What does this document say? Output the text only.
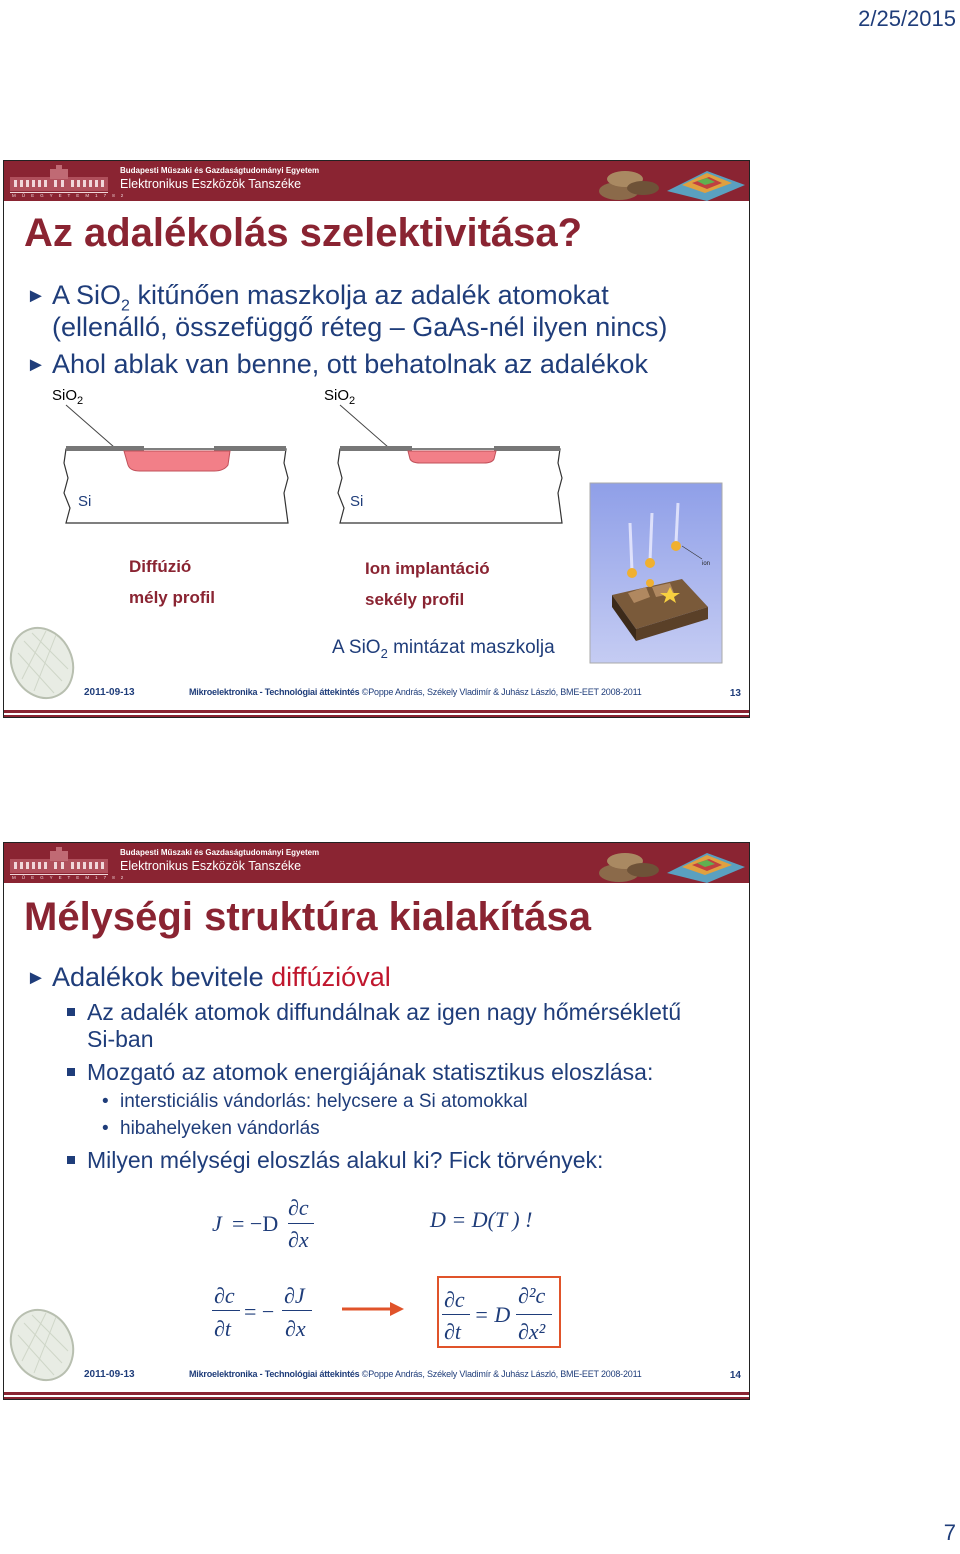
2/25/2015
M Ű E G Y E T E M 1 7 8 2
Budapesti Műszaki és Gazdaságtudományi Egyetem
Elektronikus Eszközök Tanszéke
Az adalékolás szelektivitása?
► A SiO$_2$ kitűnően maszkolja az adalék atomokat
(ellenálló, összefüggő réteg – GaAs-nél ilyen nincs)
► Ahol ablak van benne, ott behatolnak az adalékok
SiO$_2$	SiO$_2$
Si	Si
Diffúzió
mély profil
Ion implantáció
sekély profil
A SiO$_2$ mintázat maszkolja
ion
2011-09-13	Mikroelektronika - Technológiai áttekintés ©Poppe András, Székely Vladimír & Juhász László, BME-EET 2008-2011	13
M Ű E G Y E T E M 1 7 8 2
Budapesti Műszaki és Gazdaságtudományi Egyetem
Elektronikus Eszközök Tanszéke
Mélységi struktúra kialakítása
► Adalékok bevitele diffúzióval
Az adalék atomok diffundálnak az igen nagy hőmérsékletű
Si-ban
Mozgató az atomok energiájának statisztikus eloszlása:
• intersticiális vándorlás: helycsere a Si atomokkal
• hibahelyeken vándorlás
Milyen mélységi eloszlás alakul ki? Fick törvények:
J = −D
∂c
∂x
D = D(T ) !
∂c
∂t
= −
∂J
∂x
∂c
∂t
= D
∂²c
∂x²
2011-09-13	Mikroelektronika - Technológiai áttekintés ©Poppe András, Székely Vladimír & Juhász László, BME-EET 2008-2011	14
7
